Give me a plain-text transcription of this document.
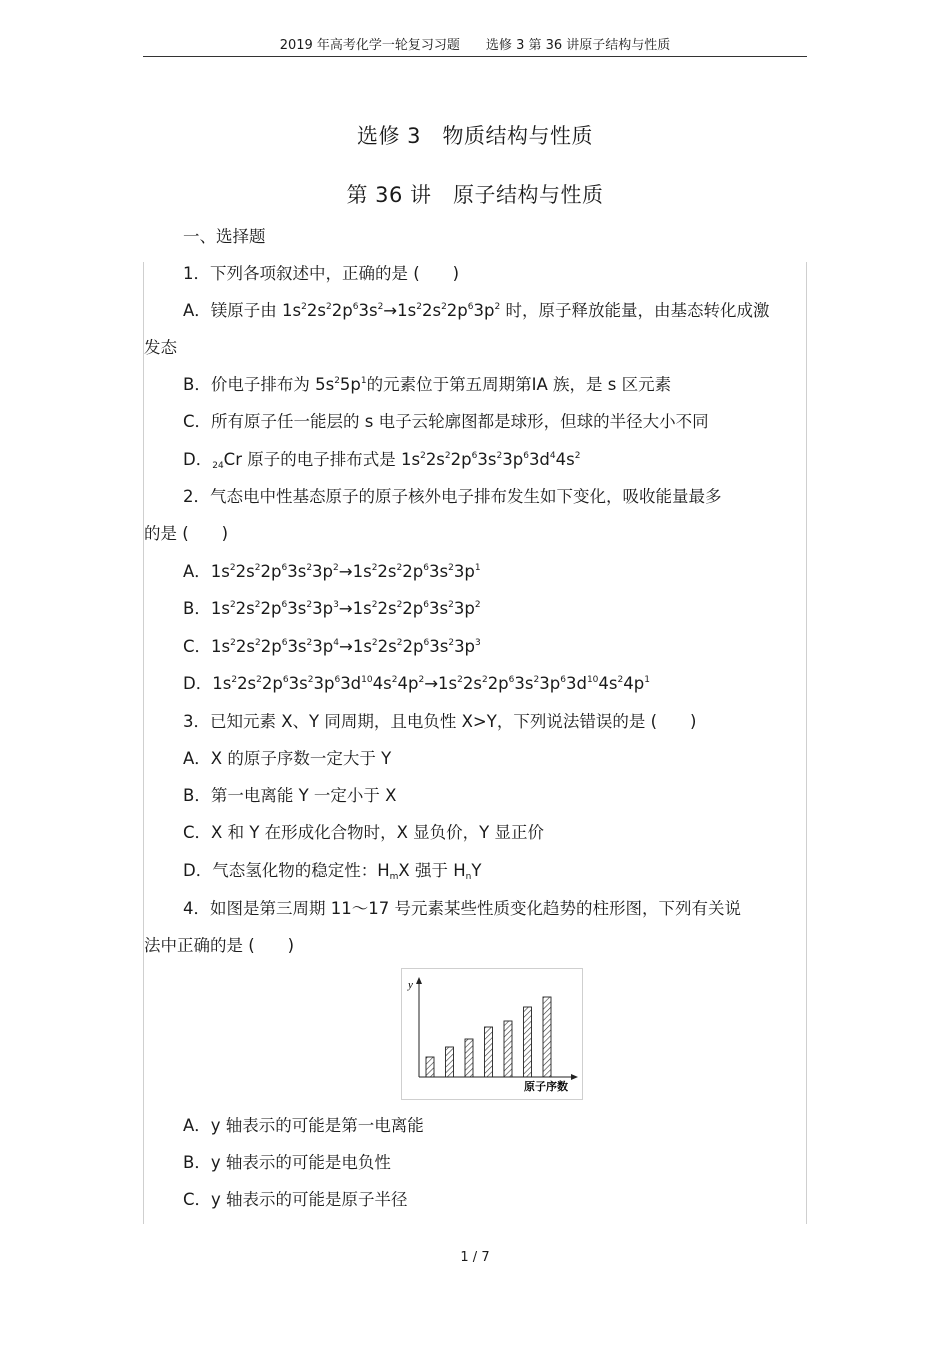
2019 年高考化学一轮复习习题　　选修 3 第 36 讲原子结构与性质
选修 3　物质结构与性质
第 36 讲　原子结构与性质
一、选择题
1．下列各项叙述中，正确的是 (　　)
A．镁原子由 $1s^22s^22p^63s^2\to 1s^22s^22p^63p^2$ 时，原子释放能量，由基态转化成激
发态
B．价电子排布为 $5s^25p^1$的元素位于第五周期第ⅠA 族，是 s 区元素
C．所有原子任一能层的 s 电子云轮廓图都是球形，但球的半径大小不同
D．$_{24}$Cr 原子的电子排布式是 $1s^22s^22p^63s^23p^63d^44s^2$
2．气态电中性基态原子的原子核外电子排布发生如下变化，吸收能量最多
的是 (　　)
A．$1s^22s^22p^63s^23p^2\to 1s^22s^22p^63s^23p^1$
B．$1s^22s^22p^63s^23p^3\to 1s^22s^22p^63s^23p^2$
C．$1s^22s^22p^63s^23p^4\to 1s^22s^22p^63s^23p^3$
D．$1s^22s^22p^63s^23p^63d^{10}4s^24p^2\to 1s^22s^22p^63s^23p^63d^{10}4s^24p^1$
3．已知元素 X、Y 同周期，且电负性 X>Y，下列说法错误的是 (　　)
A．X 的原子序数一定大于 Y
B．第一电离能 Y 一定小于 X
C．X 和 Y 在形成化合物时，X 显负价，Y 显正价
D．气态氢化物的稳定性：$H_mX$ 强于 $H_nY$
4．如图是第三周期 11～17 号元素某些性质变化趋势的柱形图，下列有关说
法中正确的是 (　　)
y
原子序数
A．y 轴表示的可能是第一电离能
B．y 轴表示的可能是电负性
C．y 轴表示的可能是原子半径
1 / 7
